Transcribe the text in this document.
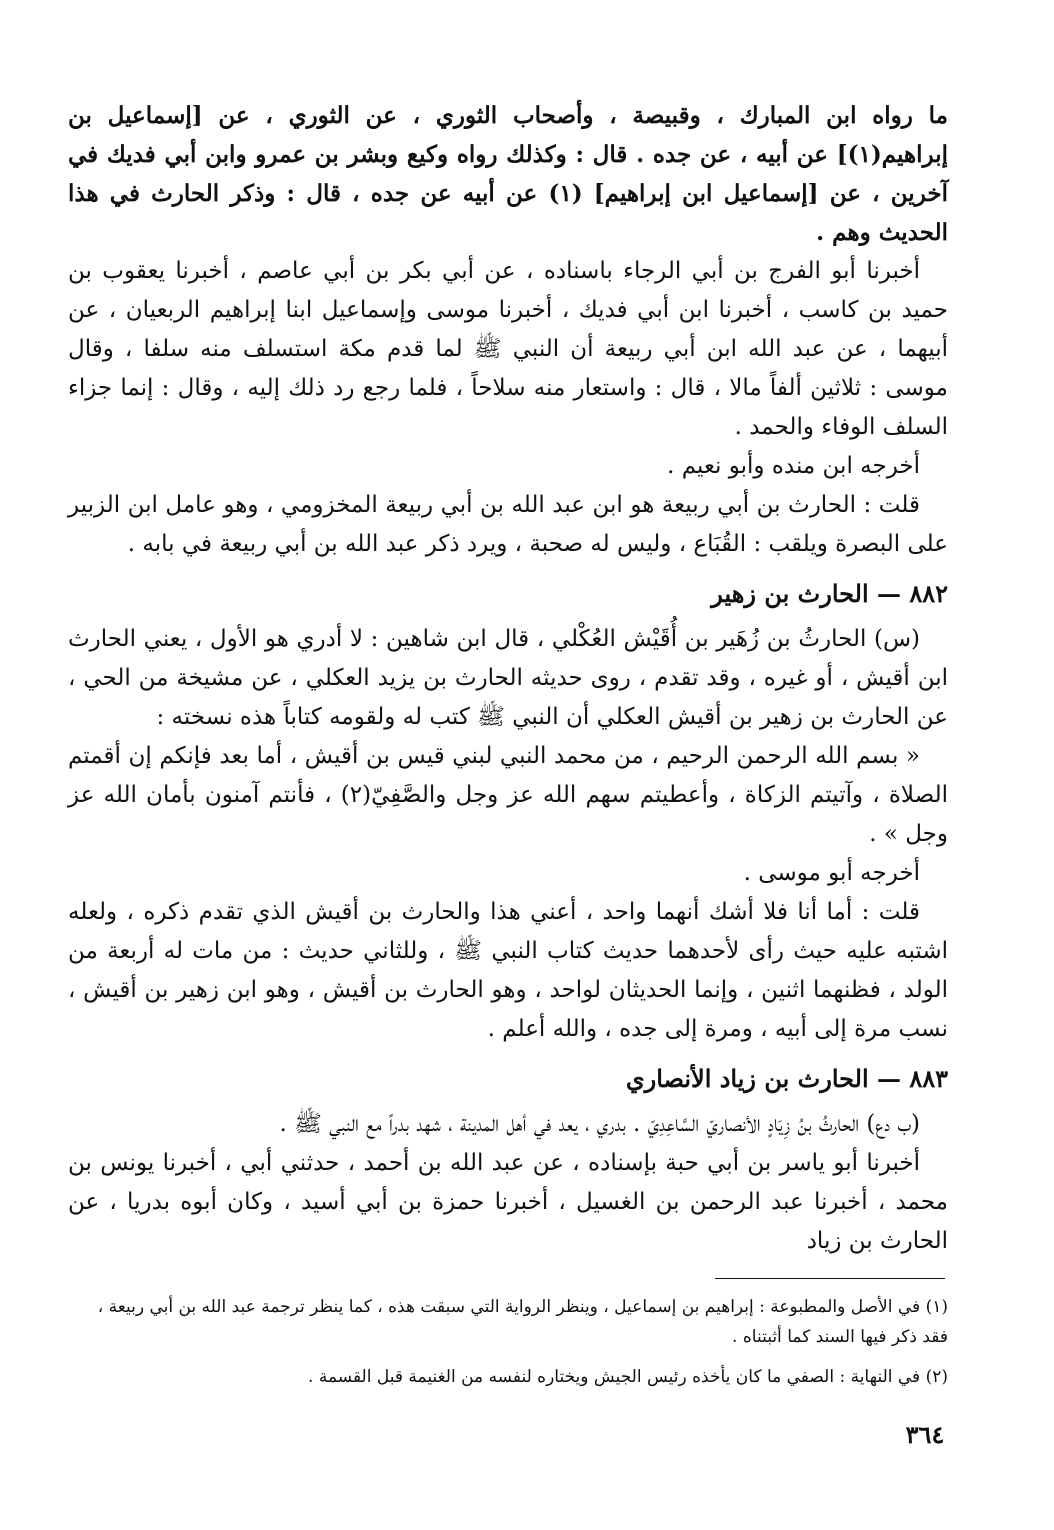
ما رواه ابن المبارك ، وقبيصة ، وأصحاب الثوري ، عن الثوري ، عن [إسماعيل بن إبراهيم(١)] عن أبيه ، عن جده . قال : وكذلك رواه وكيع وبشر بن عمرو وابن أبي فديك في آخرين ، عن [إسماعيل ابن إبراهيم] (١) عن أبيه عن جده ، قال : وذكر الحارث في هذا الحديث وهم .

أخبرنا أبو الفرج بن أبي الرجاء باسناده ، عن أبي بكر بن أبي عاصم ، أخبرنا يعقوب بن حميد بن كاسب ، أخبرنا ابن أبي فديك ، أخبرنا موسى وإسماعيل ابنا إبراهيم الربعيان ، عن أبيهما ، عن عبد الله ابن أبي ربيعة أن النبي ﷺ لما قدم مكة استسلف منه سلفا ، وقال موسى : ثلاثين ألفاً مالا ، قال : واستعار منه سلاحاً ، فلما رجع رد ذلك إليه ، وقال : إنما جزاء السلف الوفاء والحمد .

أخرجه ابن منده وأبو نعيم .

قلت : الحارث بن أبي ربيعة هو ابن عبد الله بن أبي ربيعة المخزومي ، وهو عامل ابن الزبير على البصرة ويلقب : القُبَاع ، وليس له صحبة ، ويرد ذكر عبد الله بن أبي ربيعة في بابه .

٨٨٢ — الحارث بن زهير

(س) الحارثُ بن زُهَير بن أُقَيْش العُكْلي ، قال ابن شاهين : لا أدري هو الأول ، يعني الحارث ابن أقيش ، أو غيره ، وقد تقدم ، روى حديثه الحارث بن يزيد العكلي ، عن مشيخة من الحي ، عن الحارث بن زهير بن أقيش العكلي أن النبي ﷺ كتب له ولقومه كتاباً هذه نسخته :

« بسم الله الرحمن الرحيم ، من محمد النبي لبني قيس بن أقيش ، أما بعد فإنكم إن أقمتم الصلاة ، وآتيتم الزكاة ، وأعطيتم سهم الله عز وجل والصَّفِيّ(٢) ، فأنتم آمنون بأمان الله عز وجل » .

أخرجه أبو موسى .

قلت : أما أنا فلا أشك أنهما واحد ، أعني هذا والحارث بن أقيش الذي تقدم ذكره ، ولعله اشتبه عليه حيث رأى لأحدهما حديث كتاب النبي ﷺ ، وللثاني حديث : من مات له أربعة من الولد ، فظنهما اثنين ، وإنما الحديثان لواحد ، وهو الحارث بن أقيش ، وهو ابن زهير بن أقيش ، نسب مرة إلى أبيه ، ومرة إلى جده ، والله أعلم .

٨٨٣ — الحارث بن زياد الأنصاري

(ب دع) الحارثُ بنُ زِيَادٍ الأنصاريّ السَّاعِدِيّ . بدري ، يعد في أهل المدينة ، شهد بدراً مع النبي ﷺ .

أخبرنا أبو ياسر بن أبي حبة بإسناده ، عن عبد الله بن أحمد ، حدثني أبي ، أخبرنا يونس بن محمد ، أخبرنا عبد الرحمن بن الغسيل ، أخبرنا حمزة بن أبي أسيد ، وكان أبوه بدريا ، عن الحارث بن زياد

(١) في الأصل والمطبوعة : إبراهيم بن إسماعيل ، وينظر الرواية التي سبقت هذه ، كما ينظر ترجمة عبد الله بن أبي ربيعة ، فقد ذكر فيها السند كما أثبتناه .

(٢) في النهاية : الصفي ما كان يأخذه رئيس الجيش ويختاره لنفسه من الغنيمة قبل القسمة .

٣٦٤
